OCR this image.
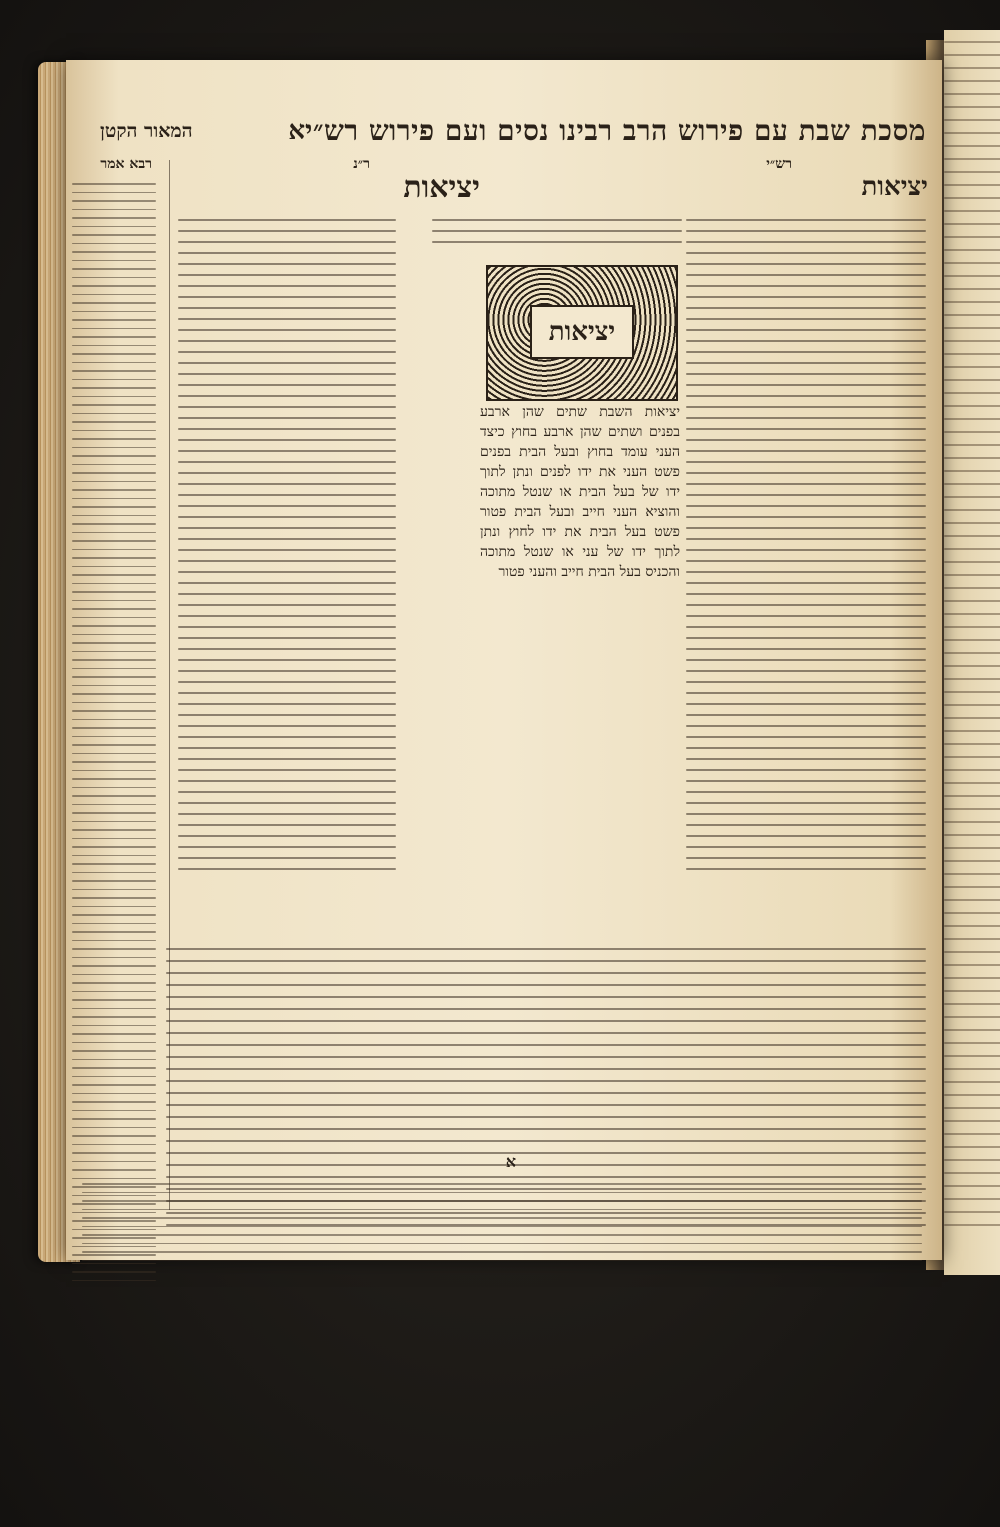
מסכת שבת עם פירוש הרב רבינו נסים ועם פירוש רש״י
א
המאור הקטן
רש״י
יציאות
ר״נ
יציאות
יציאות
יציאות השבת שתים שהן ארבע בפנים ושתים שהן ארבע בחוץ כיצד העני עומד בחוץ ובעל הבית בפנים פשט העני את ידו לפנים ונתן לתוך ידו של בעל הבית או שנטל מתוכה והוציא העני חייב ובעל הבית פטור פשט בעל הבית את ידו לחוץ ונתן לתוך ידו של עני או שנטל מתוכה והכניס בעל הבית חייב והעני פטור
רבא אמר
א
